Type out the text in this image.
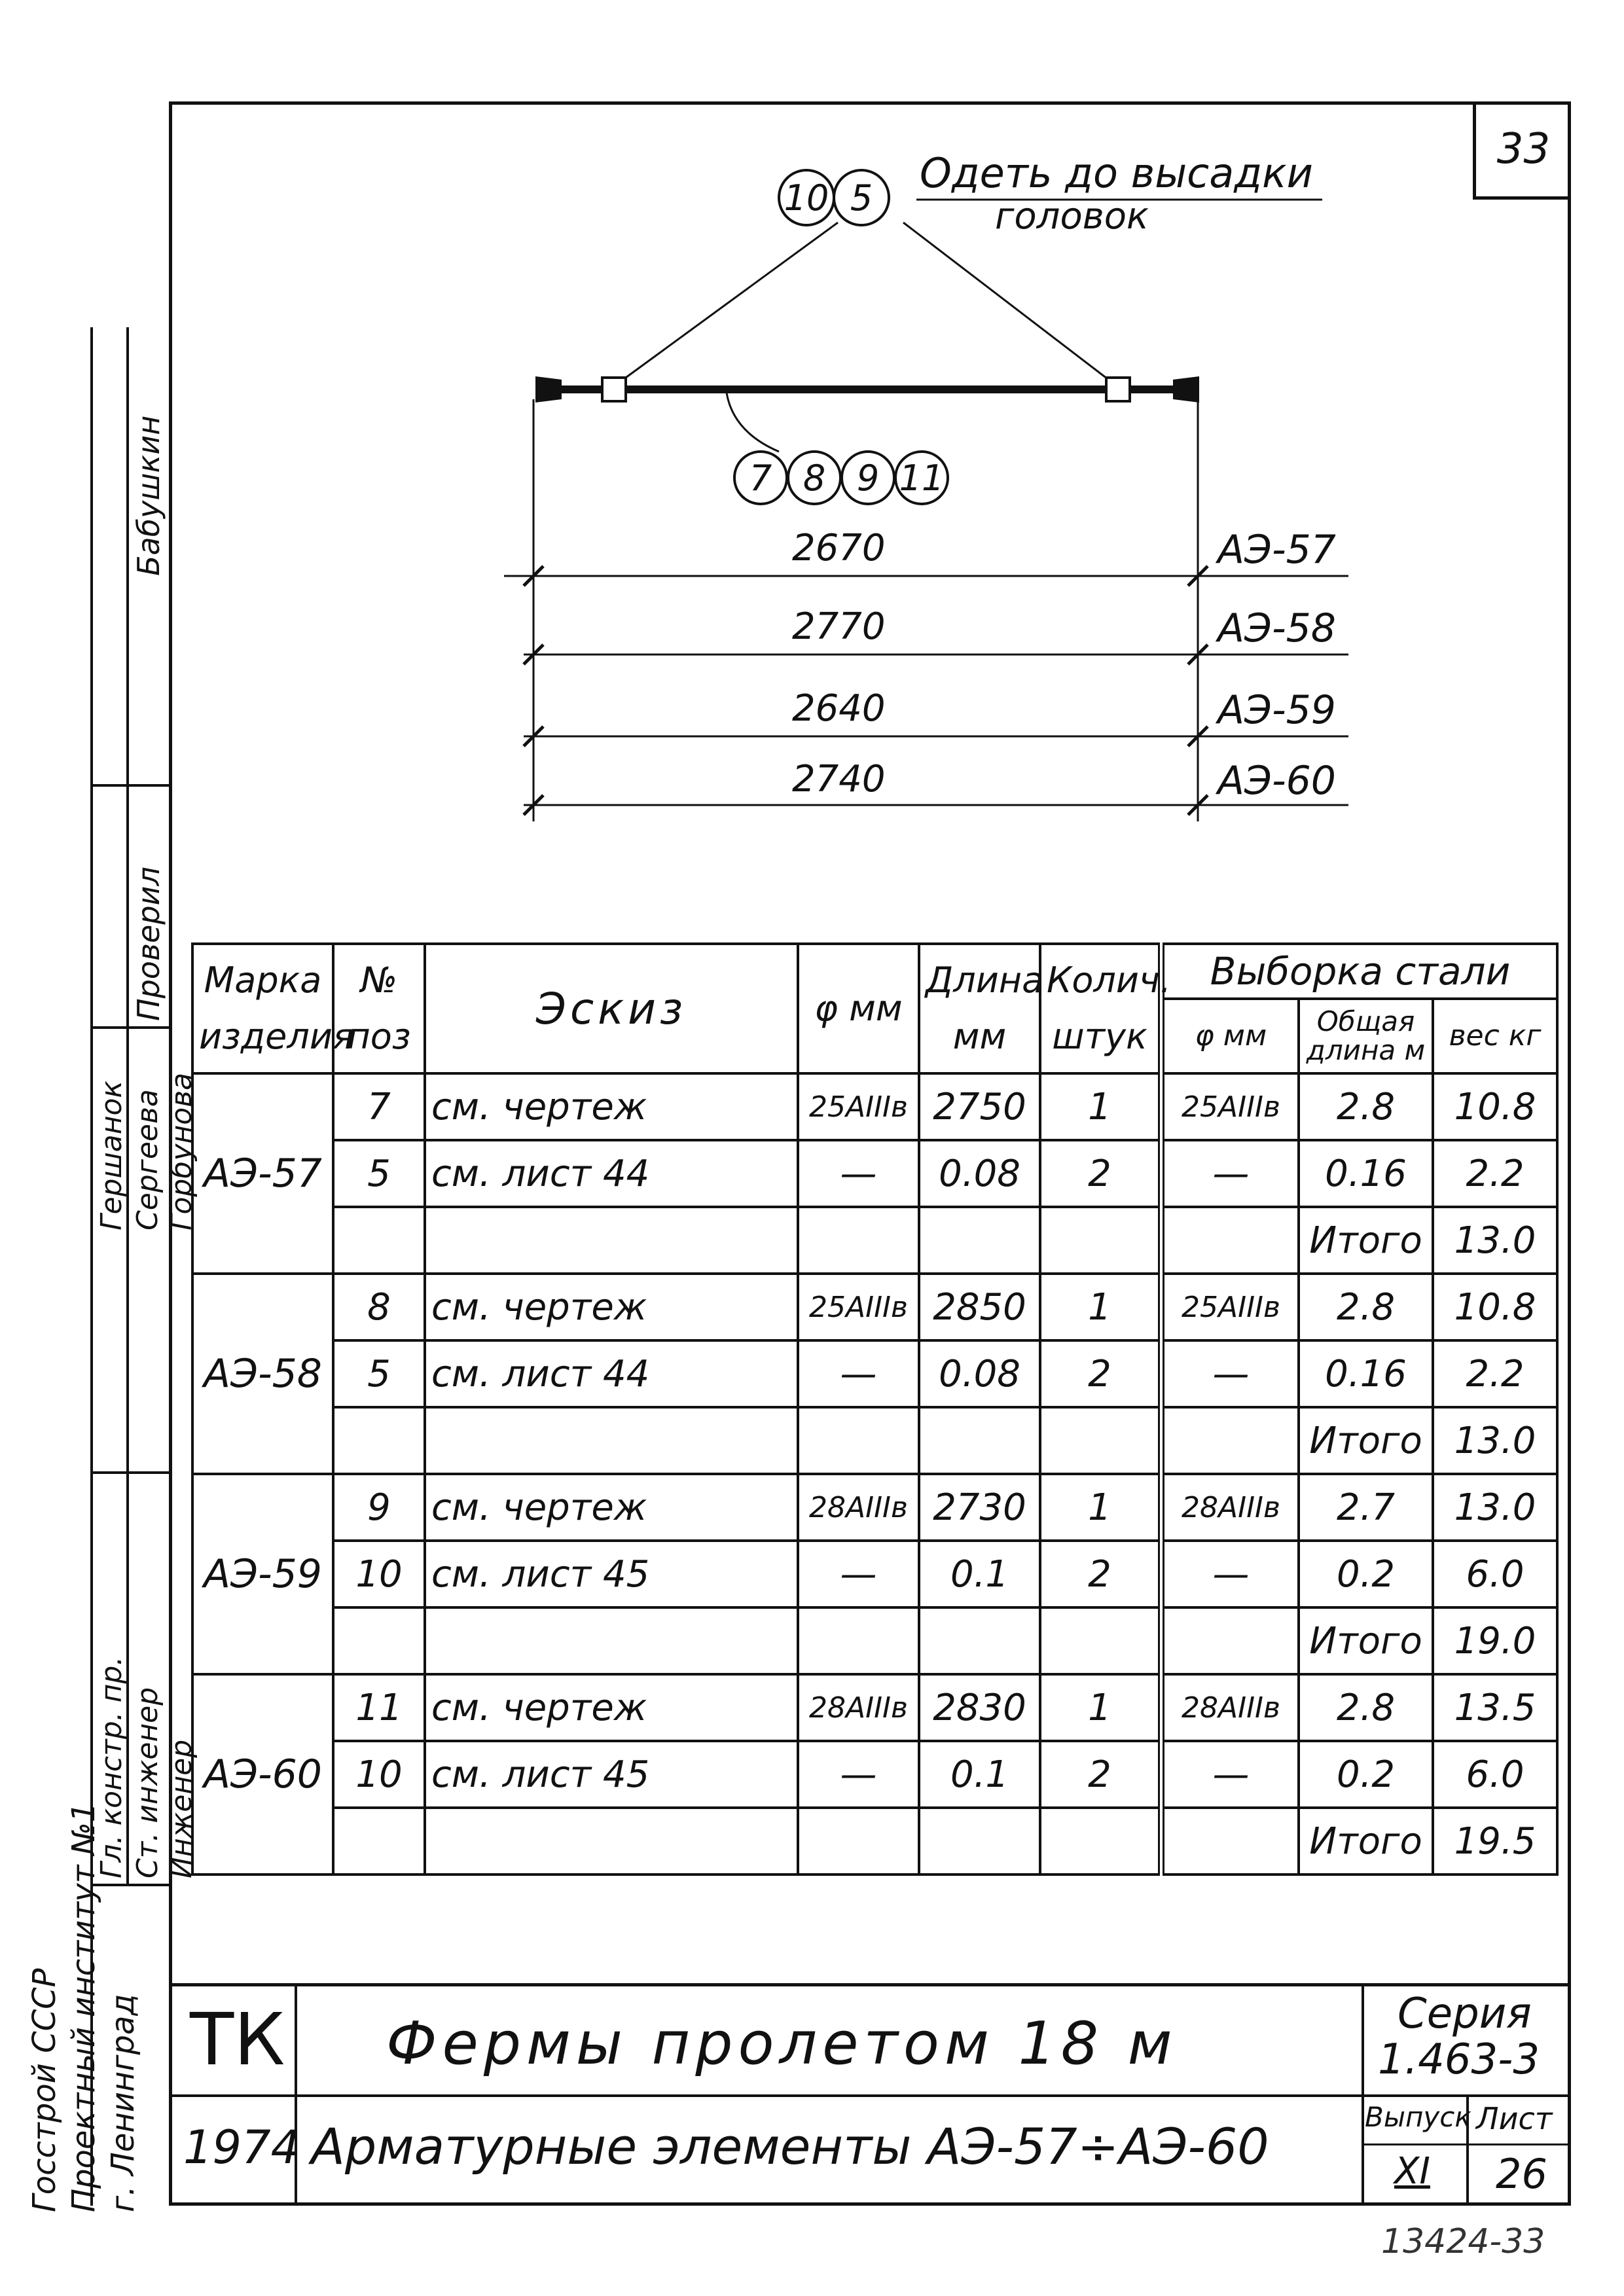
33
Госстрой СССР Проектный институт №1 г. Ленинград
Гл. констр. пр. Ст. инженер Инженер
Гершанок Сергеева Горбунова
Проверил
Бабушкин
10 5
Одеть до высадки
головок
7 8 9 11
2670	АЭ-57
2770	АЭ-58
2640	АЭ-59
2740	АЭ-60
Марка изделия	№ поз	Эскиз	φ мм	Длина мм	Колич. штук	Выборка стали		
						φ мм	Общая длина м	вес кг
АЭ-57	7	см. чертеж	25АIIIв	2750	1	25АIIIв	2.8	10.8
	5	см. лист 44	—	0.08	2	—	0.16	2.2
							Итого	13.0
АЭ-58	8	см. чертеж	25АIIIв	2850	1	25АIIIв	2.8	10.8
	5	см. лист 44	—	0.08	2	—	0.16	2.2
							Итого	13.0
АЭ-59	9	см. чертеж	28АIIIв	2730	1	28АIIIв	2.7	13.0
	10	см. лист 45	—	0.1	2	—	0.2	6.0
							Итого	19.0
АЭ-60	11	см. чертеж	28АIIIв	2830	1	28АIIIв	2.8	13.5
	10	см. лист 45	—	0.1	2	—	0.2	6.0
							Итого	19.5
ТК
1974
Фермы пролетом 18 м
Арматурные элементы АЭ-57÷АЭ-60
Серия
1.463-3
Выпуск
XI
Лист
26
13424-33
